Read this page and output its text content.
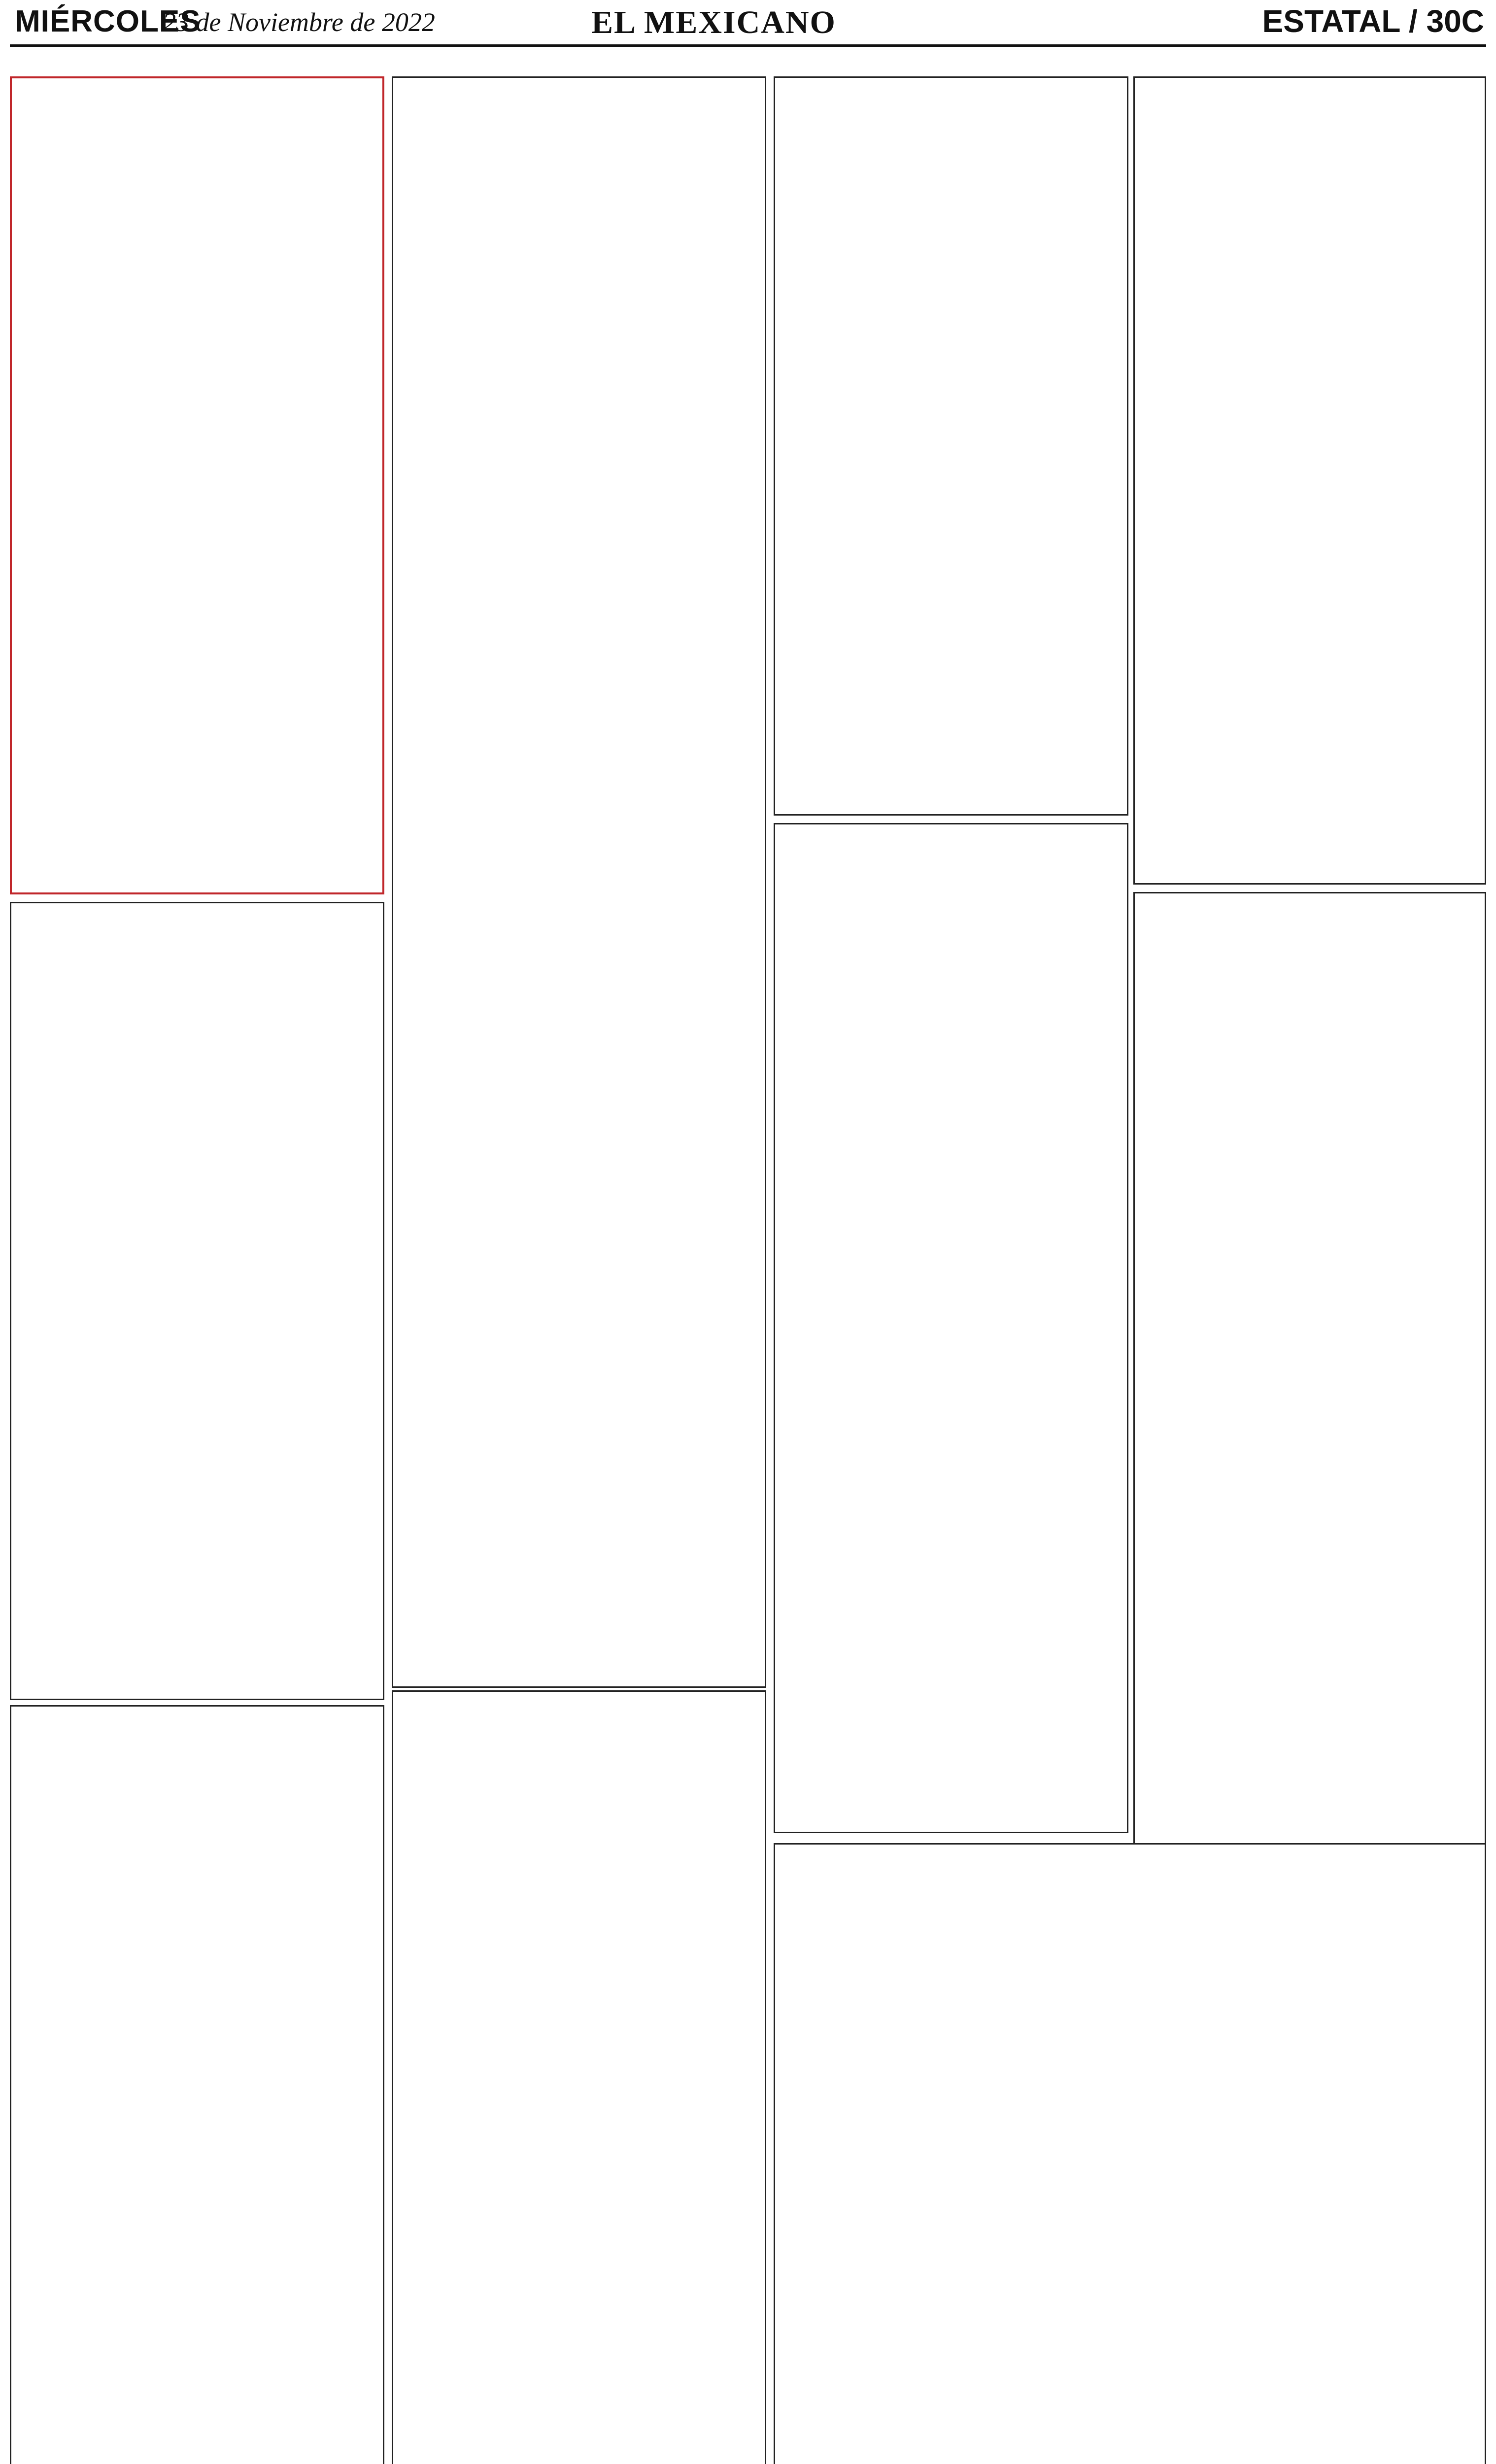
MIÉRCOLES
23 de Noviembre de 2022	EL MEXICANO	ESTATAL / 30C
